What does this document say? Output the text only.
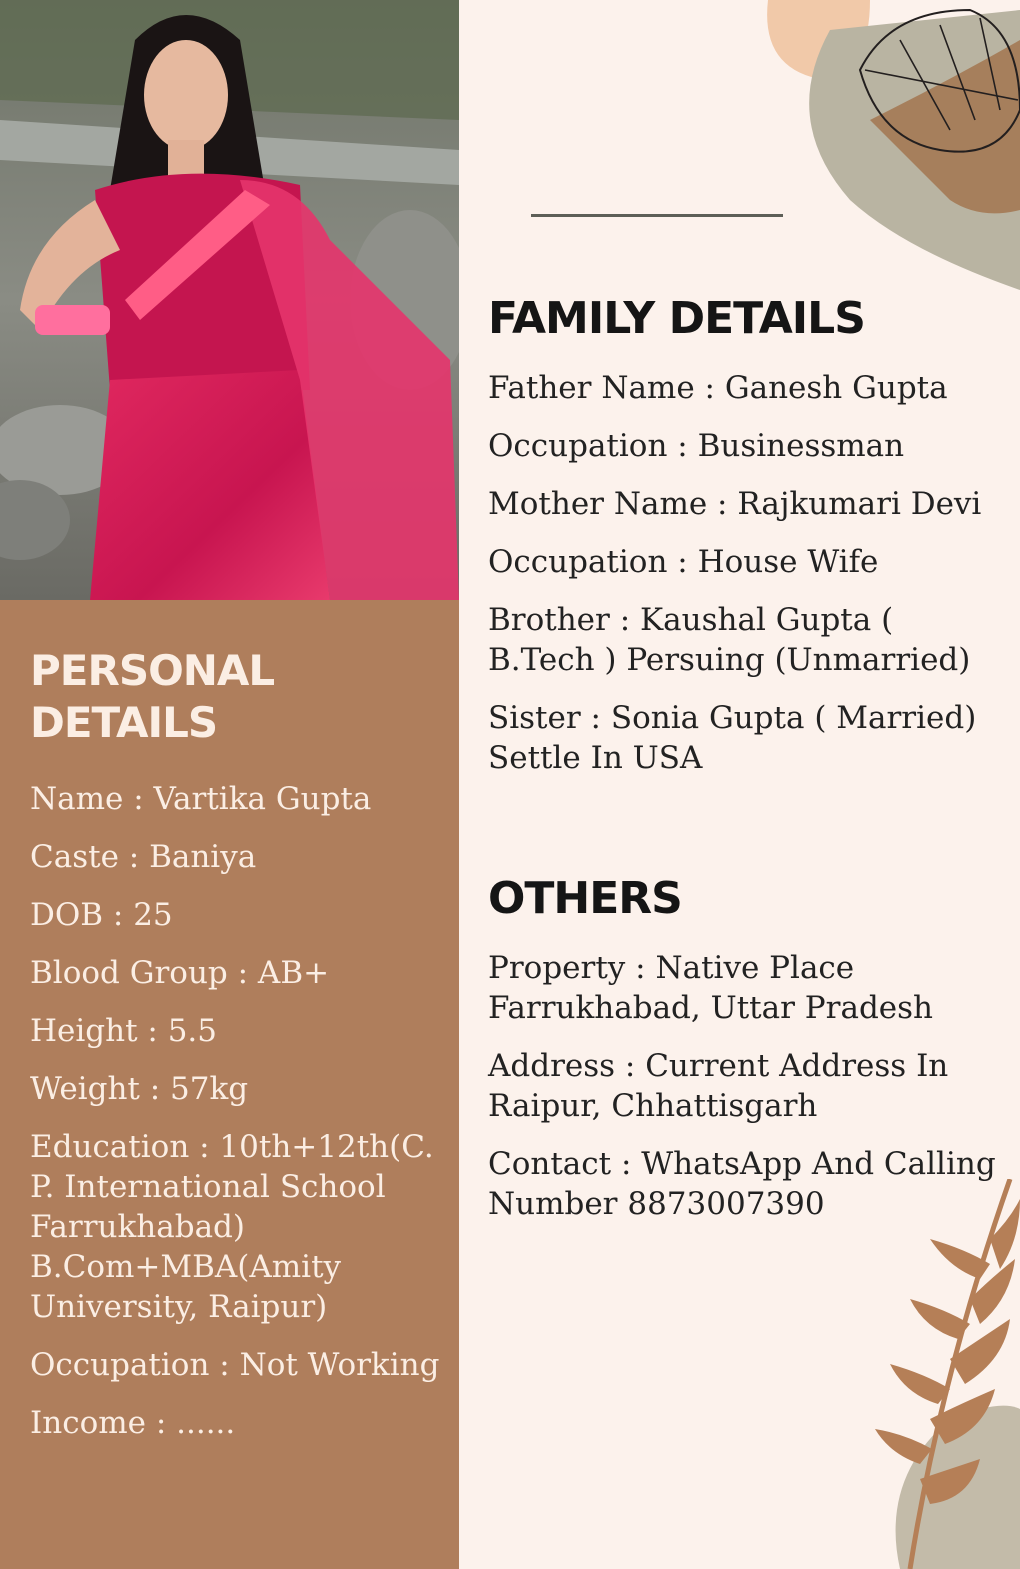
PERSONAL DETAILS
Name : Vartika Gupta
Caste : Baniya
DOB : 25
Blood Group : AB+
Height : 5.5
Weight : 57kg
Education : 10th+12th(C. P. International School Farrukhabad) B.Com+MBA(Amity University, Raipur)
Occupation : Not Working
Income : ......
FAMILY DETAILS
Father Name : Ganesh Gupta
Occupation : Businessman
Mother Name : Rajkumari Devi
Occupation : House Wife
Brother : Kaushal Gupta ( B.Tech ) Persuing (Unmarried)
Sister : Sonia Gupta ( Married) Settle In USA
OTHERS
Property : Native Place Farrukhabad, Uttar Pradesh
Address : Current Address In Raipur, Chhattisgarh
Contact : WhatsApp And Calling Number 8873007390
